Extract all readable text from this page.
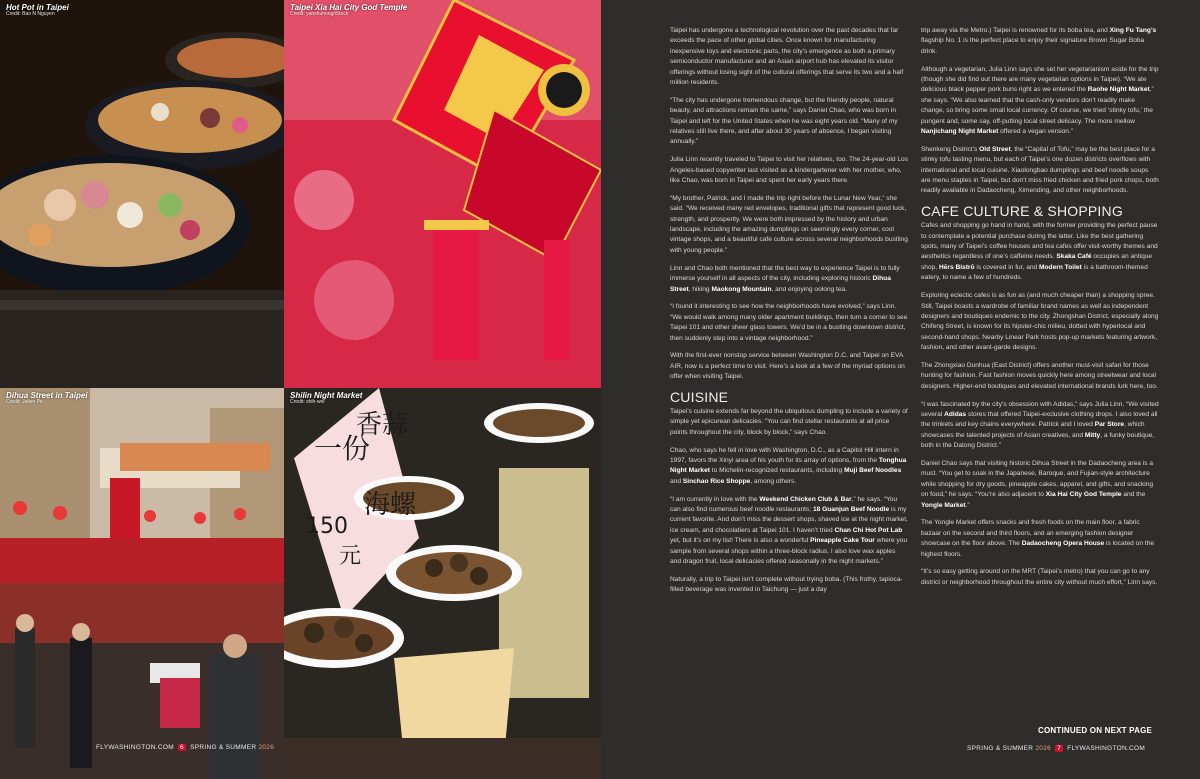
Hot Pot in Taipei
Credit: Bao N Nguyen
Taipei Xia Hai City God Temple
Credit: yanshuhong/iStock
Dihua Street in Taipei
Credit: Julien Pe
一份
150
元
香蒜
海螺
Shilin Night Market
Credit: shih-wei
FLYWASHINGTON.COM 6 SPRING & SUMMER 2026

Taipei has undergone a technological revolution over the past decades that far exceeds the pace of other global cities. Once known for manufacturing inexpensive toys and electronic parts, the city’s emergence as both a primary semiconductor manufacturer and an Asian airport hub has elevated its visitor offerings without losing sight of the cultural offerings that serve its two and a half million residents.

“The city has undergone tremendous change, but the friendly people, natural beauty, and attractions remain the same,” says Daniel Chao, who was born in Taipei and left for the United States when he was eight years old. “Many of my relatives still live there, and after about 30 years of absence, I began visiting annually.”

Julia Linn recently traveled to Taipei to visit her relatives, too. The 24-year-old Los Angeles-based copywriter last visited as a kindergartener with her mother, who, like Chao, was born in Taipei and spent her early years there.

“My brother, Patrick, and I made the trip right before the Lunar New Year,” she said. “We received many red envelopes, traditional gifts that represent good luck, strength, and prosperity. We were both impressed by the history and urban landscape, including the amazing dumplings on seemingly every corner, cool vintage shops, and a beautiful cafe culture across several neighborhoods bustling with young people.”

Linn and Chao both mentioned that the best way to experience Taipei is to fully immerse yourself in all aspects of the city, including exploring historic Dihua Street, hiking Maokong Mountain, and enjoying oolong tea.

“I found it interesting to see how the neighborhoods have evolved,” says Linn. “We would walk among many older apartment buildings, then turn a corner to see Taipei 101 and other sheer glass towers. We’d be in a bustling downtown district, then suddenly step into a vintage neighborhood.”

With the first-ever nonstop service between Washington D.C. and Taipei on EVA AIR, now is a perfect time to visit. Here’s a look at a few of the myriad options on offer when visiting Taipei.

CUISINE

Taipei’s cuisine extends far beyond the ubiquitous dumpling to include a variety of simple yet epicurean delicacies. “You can find stellar restaurants at all price points throughout the city, block by block,” says Chao.

Chao, who says he fell in love with Washington, D.C., as a Capitol Hill intern in 1997, favors the Xinyi area of his youth for its array of options, from the Tonghua Night Market to Michelin-recognized restaurants, including Muji Beef Noodles and Sinchao Rice Shoppe, among others.

“I am currently in love with the Weekend Chicken Club & Bar,” he says. “You can also find numerous beef noodle restaurants; 18 Guanjun Beef Noodle is my current favorite. And don’t miss the dessert shops, shaved ice at the night market, ice cream, and chocolatiers at Taipei 101. I haven’t tried Chan Chi Hot Pot Lab yet, but it’s on my list! There is also a wonderful Pineapple Cake Tour where you sample from several shops within a three-block radius. I also love wax apples and dragon fruit, local delicacies offered seasonally in the night markets.”

Naturally, a trip to Taipei isn’t complete without trying boba. (This frothy, tapioca-filled beverage was invented in Taichung — just a day

trip away via the Metro.) Taipei is renowned for its boba tea, and Xing Fu Tang’s flagship No. 1 is the perfect place to enjoy their signature Brown Sugar Boba drink.

Although a vegetarian, Julia Linn says she set her vegetarianism aside for the trip (though she did find out there are many vegetarian options in Taipei). “We ate delicious black pepper pork buns right as we entered the Raohe Night Market,” she says. “We also learned that the cash-only vendors don’t readily make change, so bring some small local currency. Of course, we tried ‘stinky tofu,’ the pungent and, some say, off-putting local street delicacy. The more mellow Nanjichang Night Market offered a vegan version.”

Shenkeng District’s Old Street, the “Capital of Tofu,” may be the best place for a stinky tofu tasting menu, but each of Taipei’s one dozen districts overflows with international and local cuisine. Xiaolongbao dumplings and beef noodle soups are menu staples in Taipei, but don’t miss fried chicken and fried pork chops, both readily available in Dadaocheng, Ximending, and other neighborhoods.

CAFE CULTURE & SHOPPING

Cafes and shopping go hand in hand, with the former providing the perfect pause to contemplate a potential purchase during the latter. Like the best gathering spots, many of Taipei’s coffee houses and tea cafes offer visit-worthy themes and aesthetics regardless of one’s caffeine needs. Skaka Café occupies an antique shop, Hērs Bistrō is covered in fur, and Modern Toilet is a bathroom-themed eatery, to name a few of hundreds.

Exploring eclectic cafes is as fun as (and much cheaper than) a shopping spree. Still, Taipei boasts a wardrobe of familiar brand names as well as independent designers and boutiques endemic to the city. Zhongshan District, especially along Chifeng Street, is known for its hipster-chic milieu, dotted with hyperlocal and second-hand shops. Nearby Linear Park hosts pop-up markets featuring artwork, fashion, and other avant-garde designs.

The Zhongxiao Dunhua (East District) offers another must-visit safari for those hunting for fashion. Fast fashion moves quickly here among streetwear and local designers. Higher-end boutiques and elevated international brands lurk here, too.

“I was fascinated by the city’s obsession with Adidas,” says Julia Linn. “We visited several Adidas stores that offered Taipei-exclusive clothing drops. I also loved all the trinkets and key chains everywhere. Patrick and I loved Par Store, which showcases the talented projects of Asian creatives, and Mitty, a funky boutique, both in the Datong District.”

Daniel Chao says that visiting historic Dihua Street in the Dadaocheng area is a must. “You get to soak in the Japanese, Baroque, and Fujian-style architecture while shopping for dry goods, pineapple cakes, apparel, and gifts, and snacking on food,” he says. “You’re also adjacent to Xia Hai City God Temple and the Yongle Market.”

The Yongle Market offers snacks and fresh foods on the main floor, a fabric bazaar on the second and third floors, and an emerging fashion designer showcase on the floor above. The Dadaocheng Opera House is located on the highest floors.

“It’s so easy getting around on the MRT (Taipei’s metro) that you can go to any district or neighborhood throughout the entire city without much effort,” Linn says.

CONTINUED ON NEXT PAGE
SPRING & SUMMER 2026 7 FLYWASHINGTON.COM
